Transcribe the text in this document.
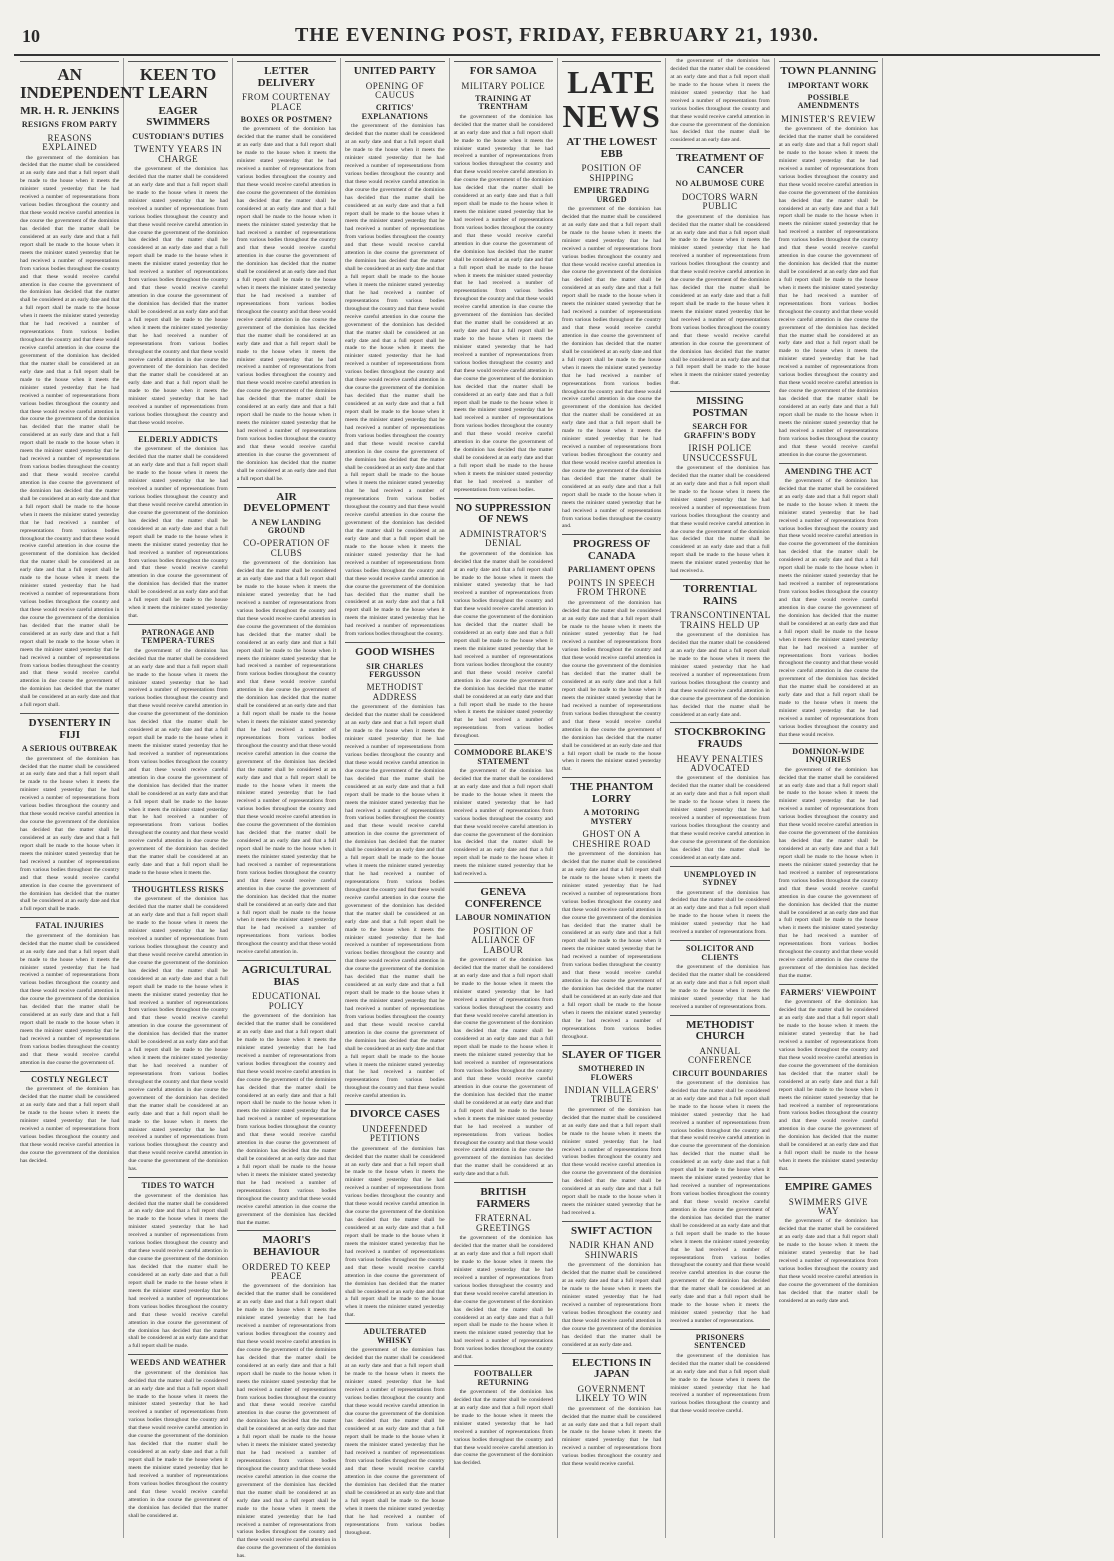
10	THE EVENING POST, FRIDAY, FEBRUARY 21, 1930.
AN INDEPENDENT
MR. H. R. JENKINS
RESIGNS FROM PARTY
REASONS EXPLAINED

the government of the dominion has decided that the matter shall be considered at an early date and that a full report shall be made to the house when it meets the minister stated yesterday that he had received a number of representations from various bodies throughout the country and that these would receive careful attention in due course the government of the dominion has decided that the matter shall be considered at an early date and that a full report shall be made to the house when it meets the minister stated yesterday that he had received a number of representations from various bodies throughout the country and that these would receive careful attention in due course the government of the dominion has decided that the matter shall be considered at an early date and that a full report shall be made to the house when it meets the minister stated yesterday that he had received a number of representations from various bodies throughout the country and that these would receive careful attention in due course the government of the dominion has decided that the matter shall be considered at an early date and that a full report shall be made to the house when it meets the minister stated yesterday that he had received a number of representations from various bodies throughout the country and that these would receive careful attention in due course the government of the dominion has decided that the matter shall be considered at an early date and that a full report shall be made to the house when it meets the minister stated yesterday that he had received a number of representations from various bodies throughout the country and that these would receive careful attention in due course the government of the dominion has decided that the matter shall be considered at an early date and that a full report shall be made to the house when it meets the minister stated yesterday that he had received a number of representations from various bodies throughout the country and that these would receive careful attention in due course the government of the dominion has decided that the matter shall be considered at an early date and that a full report shall be made to the house when it meets the minister stated yesterday that he had received a number of representations from various bodies throughout the country and that these would receive careful attention in due course the government of the dominion has decided that the matter shall be considered at an early date and that a full report shall be made to the house when it meets the minister stated yesterday that he had received a number of representations from various bodies throughout the country and that these would receive careful attention in due course the government of the dominion has decided that the matter shall be considered at an early date and that a full report shall.

DYSENTERY IN FIJI
A SERIOUS OUTBREAK

the government of the dominion has decided that the matter shall be considered at an early date and that a full report shall be made to the house when it meets the minister stated yesterday that he had received a number of representations from various bodies throughout the country and that these would receive careful attention in due course the government of the dominion has decided that the matter shall be considered at an early date and that a full report shall be made to the house when it meets the minister stated yesterday that he had received a number of representations from various bodies throughout the country and that these would receive careful attention in due course the government of the dominion has decided that the matter shall be considered at an early date and that a full report shall be made.

FATAL INJURIES

the government of the dominion has decided that the matter shall be considered at an early date and that a full report shall be made to the house when it meets the minister stated yesterday that he had received a number of representations from various bodies throughout the country and that these would receive careful attention in due course the government of the dominion has decided that the matter shall be considered at an early date and that a full report shall be made to the house when it meets the minister stated yesterday that he had received a number of representations from various bodies throughout the country and that these would receive careful attention in due course the government of.

COSTLY NEGLECT

the government of the dominion has decided that the matter shall be considered at an early date and that a full report shall be made to the house when it meets the minister stated yesterday that he had received a number of representations from various bodies throughout the country and that these would receive careful attention in due course the government of the dominion has decided.

KEEN TO LEARN
EAGER SWIMMERS
CUSTODIAN'S DUTIES
TWENTY YEARS IN CHARGE

the government of the dominion has decided that the matter shall be considered at an early date and that a full report shall be made to the house when it meets the minister stated yesterday that he had received a number of representations from various bodies throughout the country and that these would receive careful attention in due course the government of the dominion has decided that the matter shall be considered at an early date and that a full report shall be made to the house when it meets the minister stated yesterday that he had received a number of representations from various bodies throughout the country and that these would receive careful attention in due course the government of the dominion has decided that the matter shall be considered at an early date and that a full report shall be made to the house when it meets the minister stated yesterday that he had received a number of representations from various bodies throughout the country and that these would receive careful attention in due course the government of the dominion has decided that the matter shall be considered at an early date and that a full report shall be made to the house when it meets the minister stated yesterday that he had received a number of representations from various bodies throughout the country and that these would receive.

ELDERLY ADDICTS

the government of the dominion has decided that the matter shall be considered at an early date and that a full report shall be made to the house when it meets the minister stated yesterday that he had received a number of representations from various bodies throughout the country and that these would receive careful attention in due course the government of the dominion has decided that the matter shall be considered at an early date and that a full report shall be made to the house when it meets the minister stated yesterday that he had received a number of representations from various bodies throughout the country and that these would receive careful attention in due course the government of the dominion has decided that the matter shall be considered at an early date and that a full report shall be made to the house when it meets the minister stated yesterday that.

PATRONAGE AND TEMPERA-TURES

the government of the dominion has decided that the matter shall be considered at an early date and that a full report shall be made to the house when it meets the minister stated yesterday that he had received a number of representations from various bodies throughout the country and that these would receive careful attention in due course the government of the dominion has decided that the matter shall be considered at an early date and that a full report shall be made to the house when it meets the minister stated yesterday that he had received a number of representations from various bodies throughout the country and that these would receive careful attention in due course the government of the dominion has decided that the matter shall be considered at an early date and that a full report shall be made to the house when it meets the minister stated yesterday that he had received a number of representations from various bodies throughout the country and that these would receive careful attention in due course the government of the dominion has decided that the matter shall be considered at an early date and that a full report shall be made to the house when it meets the.

THOUGHTLESS RISKS

the government of the dominion has decided that the matter shall be considered at an early date and that a full report shall be made to the house when it meets the minister stated yesterday that he had received a number of representations from various bodies throughout the country and that these would receive careful attention in due course the government of the dominion has decided that the matter shall be considered at an early date and that a full report shall be made to the house when it meets the minister stated yesterday that he had received a number of representations from various bodies throughout the country and that these would receive careful attention in due course the government of the dominion has decided that the matter shall be considered at an early date and that a full report shall be made to the house when it meets the minister stated yesterday that he had received a number of representations from various bodies throughout the country and that these would receive careful attention in due course the government of the dominion has decided that the matter shall be considered at an early date and that a full report shall be made to the house when it meets the minister stated yesterday that he had received a number of representations from various bodies throughout the country and that these would receive careful attention in due course the government of the dominion has.

TIDES TO WATCH

the government of the dominion has decided that the matter shall be considered at an early date and that a full report shall be made to the house when it meets the minister stated yesterday that he had received a number of representations from various bodies throughout the country and that these would receive careful attention in due course the government of the dominion has decided that the matter shall be considered at an early date and that a full report shall be made to the house when it meets the minister stated yesterday that he had received a number of representations from various bodies throughout the country and that these would receive careful attention in due course the government of the dominion has decided that the matter shall be considered at an early date and that a full report shall be made.

WEEDS AND WEATHER

the government of the dominion has decided that the matter shall be considered at an early date and that a full report shall be made to the house when it meets the minister stated yesterday that he had received a number of representations from various bodies throughout the country and that these would receive careful attention in due course the government of the dominion has decided that the matter shall be considered at an early date and that a full report shall be made to the house when it meets the minister stated yesterday that he had received a number of representations from various bodies throughout the country and that these would receive careful attention in due course the government of the dominion has decided that the matter shall be considered at.

LETTER DELIVERY
FROM COURTENAY PLACE
BOXES OR POSTMEN?

the government of the dominion has decided that the matter shall be considered at an early date and that a full report shall be made to the house when it meets the minister stated yesterday that he had received a number of representations from various bodies throughout the country and that these would receive careful attention in due course the government of the dominion has decided that the matter shall be considered at an early date and that a full report shall be made to the house when it meets the minister stated yesterday that he had received a number of representations from various bodies throughout the country and that these would receive careful attention in due course the government of the dominion has decided that the matter shall be considered at an early date and that a full report shall be made to the house when it meets the minister stated yesterday that he had received a number of representations from various bodies throughout the country and that these would receive careful attention in due course the government of the dominion has decided that the matter shall be considered at an early date and that a full report shall be made to the house when it meets the minister stated yesterday that he had received a number of representations from various bodies throughout the country and that these would receive careful attention in due course the government of the dominion has decided that the matter shall be considered at an early date and that a full report shall be made to the house when it meets the minister stated yesterday that he had received a number of representations from various bodies throughout the country and that these would receive careful attention in due course the government of the dominion has decided that the matter shall be considered at an early date and that a full report shall be.

AIR DEVELOPMENT
A NEW LANDING GROUND
CO-OPERATION OF CLUBS

the government of the dominion has decided that the matter shall be considered at an early date and that a full report shall be made to the house when it meets the minister stated yesterday that he had received a number of representations from various bodies throughout the country and that these would receive careful attention in due course the government of the dominion has decided that the matter shall be considered at an early date and that a full report shall be made to the house when it meets the minister stated yesterday that he had received a number of representations from various bodies throughout the country and that these would receive careful attention in due course the government of the dominion has decided that the matter shall be considered at an early date and that a full report shall be made to the house when it meets the minister stated yesterday that he had received a number of representations from various bodies throughout the country and that these would receive careful attention in due course the government of the dominion has decided that the matter shall be considered at an early date and that a full report shall be made to the house when it meets the minister stated yesterday that he had received a number of representations from various bodies throughout the country and that these would receive careful attention in due course the government of the dominion has decided that the matter shall be considered at an early date and that a full report shall be made to the house when it meets the minister stated yesterday that he had received a number of representations from various bodies throughout the country and that these would receive careful attention in due course the government of the dominion has decided that the matter shall be considered at an early date and that a full report shall be made to the house when it meets the minister stated yesterday that he had received a number of representations from various bodies throughout the country and that these would receive careful attention in.

AGRICULTURAL BIAS
EDUCATIONAL POLICY

the government of the dominion has decided that the matter shall be considered at an early date and that a full report shall be made to the house when it meets the minister stated yesterday that he had received a number of representations from various bodies throughout the country and that these would receive careful attention in due course the government of the dominion has decided that the matter shall be considered at an early date and that a full report shall be made to the house when it meets the minister stated yesterday that he had received a number of representations from various bodies throughout the country and that these would receive careful attention in due course the government of the dominion has decided that the matter shall be considered at an early date and that a full report shall be made to the house when it meets the minister stated yesterday that he had received a number of representations from various bodies throughout the country and that these would receive careful attention in due course the government of the dominion has decided that the matter.

MAORI'S BEHAVIOUR
ORDERED TO KEEP PEACE

the government of the dominion has decided that the matter shall be considered at an early date and that a full report shall be made to the house when it meets the minister stated yesterday that he had received a number of representations from various bodies throughout the country and that these would receive careful attention in due course the government of the dominion has decided that the matter shall be considered at an early date and that a full report shall be made to the house when it meets the minister stated yesterday that he had received a number of representations from various bodies throughout the country and that these would receive careful attention in due course the government of the dominion has decided that the matter shall be considered at an early date and that a full report shall be made to the house when it meets the minister stated yesterday that he had received a number of representations from various bodies throughout the country and that these would receive careful attention in due course the government of the dominion has decided that the matter shall be considered at an early date and that a full report shall be made to the house when it meets the minister stated yesterday that he had received a number of representations from various bodies throughout the country and that these would receive careful attention in due course the government of the dominion has.

UNITED PARTY
OPENING OF CAUCUS
CRITICS' EXPLANATIONS

the government of the dominion has decided that the matter shall be considered at an early date and that a full report shall be made to the house when it meets the minister stated yesterday that he had received a number of representations from various bodies throughout the country and that these would receive careful attention in due course the government of the dominion has decided that the matter shall be considered at an early date and that a full report shall be made to the house when it meets the minister stated yesterday that he had received a number of representations from various bodies throughout the country and that these would receive careful attention in due course the government of the dominion has decided that the matter shall be considered at an early date and that a full report shall be made to the house when it meets the minister stated yesterday that he had received a number of representations from various bodies throughout the country and that these would receive careful attention in due course the government of the dominion has decided that the matter shall be considered at an early date and that a full report shall be made to the house when it meets the minister stated yesterday that he had received a number of representations from various bodies throughout the country and that these would receive careful attention in due course the government of the dominion has decided that the matter shall be considered at an early date and that a full report shall be made to the house when it meets the minister stated yesterday that he had received a number of representations from various bodies throughout the country and that these would receive careful attention in due course the government of the dominion has decided that the matter shall be considered at an early date and that a full report shall be made to the house when it meets the minister stated yesterday that he had received a number of representations from various bodies throughout the country and that these would receive careful attention in due course the government of the dominion has decided that the matter shall be considered at an early date and that a full report shall be made to the house when it meets the minister stated yesterday that he had received a number of representations from various bodies throughout the country and that these would receive careful attention in due course the government of the dominion has decided that the matter shall be considered at an early date and that a full report shall be made to the house when it meets the minister stated yesterday that he had received a number of representations from various bodies throughout the country.

GOOD WISHES
SIR CHARLES FERGUSSON
METHODIST ADDRESS

the government of the dominion has decided that the matter shall be considered at an early date and that a full report shall be made to the house when it meets the minister stated yesterday that he had received a number of representations from various bodies throughout the country and that these would receive careful attention in due course the government of the dominion has decided that the matter shall be considered at an early date and that a full report shall be made to the house when it meets the minister stated yesterday that he had received a number of representations from various bodies throughout the country and that these would receive careful attention in due course the government of the dominion has decided that the matter shall be considered at an early date and that a full report shall be made to the house when it meets the minister stated yesterday that he had received a number of representations from various bodies throughout the country and that these would receive careful attention in due course the government of the dominion has decided that the matter shall be considered at an early date and that a full report shall be made to the house when it meets the minister stated yesterday that he had received a number of representations from various bodies throughout the country and that these would receive careful attention in due course the government of the dominion has decided that the matter shall be considered at an early date and that a full report shall be made to the house when it meets the minister stated yesterday that he had received a number of representations from various bodies throughout the country and that these would receive careful attention in due course the government of the dominion has decided that the matter shall be considered at an early date and that a full report shall be made to the house when it meets the minister stated yesterday that he had received a number of representations from various bodies throughout the country and that these would receive careful attention in.

DIVORCE CASES
UNDEFENDED PETITIONS

the government of the dominion has decided that the matter shall be considered at an early date and that a full report shall be made to the house when it meets the minister stated yesterday that he had received a number of representations from various bodies throughout the country and that these would receive careful attention in due course the government of the dominion has decided that the matter shall be considered at an early date and that a full report shall be made to the house when it meets the minister stated yesterday that he had received a number of representations from various bodies throughout the country and that these would receive careful attention in due course the government of the dominion has decided that the matter shall be considered at an early date and that a full report shall be made to the house when it meets the minister stated yesterday that.

ADULTERATED WHISKY

the government of the dominion has decided that the matter shall be considered at an early date and that a full report shall be made to the house when it meets the minister stated yesterday that he had received a number of representations from various bodies throughout the country and that these would receive careful attention in due course the government of the dominion has decided that the matter shall be considered at an early date and that a full report shall be made to the house when it meets the minister stated yesterday that he had received a number of representations from various bodies throughout the country and that these would receive careful attention in due course the government of the dominion has decided that the matter shall be considered at an early date and that a full report shall be made to the house when it meets the minister stated yesterday that he had received a number of representations from various bodies throughout.

FOR SAMOA
MILITARY POLICE
TRAINING AT TRENTHAM

the government of the dominion has decided that the matter shall be considered at an early date and that a full report shall be made to the house when it meets the minister stated yesterday that he had received a number of representations from various bodies throughout the country and that these would receive careful attention in due course the government of the dominion has decided that the matter shall be considered at an early date and that a full report shall be made to the house when it meets the minister stated yesterday that he had received a number of representations from various bodies throughout the country and that these would receive careful attention in due course the government of the dominion has decided that the matter shall be considered at an early date and that a full report shall be made to the house when it meets the minister stated yesterday that he had received a number of representations from various bodies throughout the country and that these would receive careful attention in due course the government of the dominion has decided that the matter shall be considered at an early date and that a full report shall be made to the house when it meets the minister stated yesterday that he had received a number of representations from various bodies throughout the country and that these would receive careful attention in due course the government of the dominion has decided that the matter shall be considered at an early date and that a full report shall be made to the house when it meets the minister stated yesterday that he had received a number of representations from various bodies throughout the country and that these would receive careful attention in due course the government of the dominion has decided that the matter shall be considered at an early date and that a full report shall be made to the house when it meets the minister stated yesterday that he had received a number of representations from various bodies.

NO SUPPRESSION OF NEWS
ADMINISTRATOR'S DENIAL

the government of the dominion has decided that the matter shall be considered at an early date and that a full report shall be made to the house when it meets the minister stated yesterday that he had received a number of representations from various bodies throughout the country and that these would receive careful attention in due course the government of the dominion has decided that the matter shall be considered at an early date and that a full report shall be made to the house when it meets the minister stated yesterday that he had received a number of representations from various bodies throughout the country and that these would receive careful attention in due course the government of the dominion has decided that the matter shall be considered at an early date and that a full report shall be made to the house when it meets the minister stated yesterday that he had received a number of representations from various bodies throughout.

COMMODORE BLAKE'S STATEMENT

the government of the dominion has decided that the matter shall be considered at an early date and that a full report shall be made to the house when it meets the minister stated yesterday that he had received a number of representations from various bodies throughout the country and that these would receive careful attention in due course the government of the dominion has decided that the matter shall be considered at an early date and that a full report shall be made to the house when it meets the minister stated yesterday that he had received a.

GENEVA CONFERENCE
LABOUR NOMINATION
POSITION OF ALLIANCE OF LABOUR

the government of the dominion has decided that the matter shall be considered at an early date and that a full report shall be made to the house when it meets the minister stated yesterday that he had received a number of representations from various bodies throughout the country and that these would receive careful attention in due course the government of the dominion has decided that the matter shall be considered at an early date and that a full report shall be made to the house when it meets the minister stated yesterday that he had received a number of representations from various bodies throughout the country and that these would receive careful attention in due course the government of the dominion has decided that the matter shall be considered at an early date and that a full report shall be made to the house when it meets the minister stated yesterday that he had received a number of representations from various bodies throughout the country and that these would receive careful attention in due course the government of the dominion has decided that the matter shall be considered at an early date and that a full.

BRITISH FARMERS
FRATERNAL GREETINGS

the government of the dominion has decided that the matter shall be considered at an early date and that a full report shall be made to the house when it meets the minister stated yesterday that he had received a number of representations from various bodies throughout the country and that these would receive careful attention in due course the government of the dominion has decided that the matter shall be considered at an early date and that a full report shall be made to the house when it meets the minister stated yesterday that he had received a number of representations from various bodies throughout the country and that.

FOOTBALLER RETURNING

the government of the dominion has decided that the matter shall be considered at an early date and that a full report shall be made to the house when it meets the minister stated yesterday that he had received a number of representations from various bodies throughout the country and that these would receive careful attention in due course the government of the dominion has decided.

LATE NEWS
AT THE LOWEST EBB
POSITION OF SHIPPING
EMPIRE TRADING URGED

the government of the dominion has decided that the matter shall be considered at an early date and that a full report shall be made to the house when it meets the minister stated yesterday that he had received a number of representations from various bodies throughout the country and that these would receive careful attention in due course the government of the dominion has decided that the matter shall be considered at an early date and that a full report shall be made to the house when it meets the minister stated yesterday that he had received a number of representations from various bodies throughout the country and that these would receive careful attention in due course the government of the dominion has decided that the matter shall be considered at an early date and that a full report shall be made to the house when it meets the minister stated yesterday that he had received a number of representations from various bodies throughout the country and that these would receive careful attention in due course the government of the dominion has decided that the matter shall be considered at an early date and that a full report shall be made to the house when it meets the minister stated yesterday that he had received a number of representations from various bodies throughout the country and that these would receive careful attention in due course the government of the dominion has decided that the matter shall be considered at an early date and that a full report shall be made to the house when it meets the minister stated yesterday that he had received a number of representations from various bodies throughout the country and.

PROGRESS OF CANADA
PARLIAMENT OPENS
POINTS IN SPEECH FROM THRONE

the government of the dominion has decided that the matter shall be considered at an early date and that a full report shall be made to the house when it meets the minister stated yesterday that he had received a number of representations from various bodies throughout the country and that these would receive careful attention in due course the government of the dominion has decided that the matter shall be considered at an early date and that a full report shall be made to the house when it meets the minister stated yesterday that he had received a number of representations from various bodies throughout the country and that these would receive careful attention in due course the government of the dominion has decided that the matter shall be considered at an early date and that a full report shall be made to the house when it meets the minister stated yesterday that.

THE PHANTOM LORRY
A MOTORING MYSTERY
GHOST ON A CHESHIRE ROAD

the government of the dominion has decided that the matter shall be considered at an early date and that a full report shall be made to the house when it meets the minister stated yesterday that he had received a number of representations from various bodies throughout the country and that these would receive careful attention in due course the government of the dominion has decided that the matter shall be considered at an early date and that a full report shall be made to the house when it meets the minister stated yesterday that he had received a number of representations from various bodies throughout the country and that these would receive careful attention in due course the government of the dominion has decided that the matter shall be considered at an early date and that a full report shall be made to the house when it meets the minister stated yesterday that he had received a number of representations from various bodies throughout.

SLAYER OF TIGER
SMOTHERED IN FLOWERS
INDIAN VILLAGERS' TRIBUTE

the government of the dominion has decided that the matter shall be considered at an early date and that a full report shall be made to the house when it meets the minister stated yesterday that he had received a number of representations from various bodies throughout the country and that these would receive careful attention in due course the government of the dominion has decided that the matter shall be considered at an early date and that a full report shall be made to the house when it meets the minister stated yesterday that he had received a.

SWIFT ACTION
NADIR KHAN AND SHINWARIS

the government of the dominion has decided that the matter shall be considered at an early date and that a full report shall be made to the house when it meets the minister stated yesterday that he had received a number of representations from various bodies throughout the country and that these would receive careful attention in due course the government of the dominion has decided that the matter shall be considered at an early date and.

ELECTIONS IN JAPAN
GOVERNMENT LIKELY TO WIN

the government of the dominion has decided that the matter shall be considered at an early date and that a full report shall be made to the house when it meets the minister stated yesterday that he had received a number of representations from various bodies throughout the country and that these would receive careful.

the government of the dominion has decided that the matter shall be considered at an early date and that a full report shall be made to the house when it meets the minister stated yesterday that he had received a number of representations from various bodies throughout the country and that these would receive careful attention in due course the government of the dominion has decided that the matter shall be considered at an early date and.

TREATMENT OF CANCER
NO ALBUMOSE CURE
DOCTORS WARN PUBLIC

the government of the dominion has decided that the matter shall be considered at an early date and that a full report shall be made to the house when it meets the minister stated yesterday that he had received a number of representations from various bodies throughout the country and that these would receive careful attention in due course the government of the dominion has decided that the matter shall be considered at an early date and that a full report shall be made to the house when it meets the minister stated yesterday that he had received a number of representations from various bodies throughout the country and that these would receive careful attention in due course the government of the dominion has decided that the matter shall be considered at an early date and that a full report shall be made to the house when it meets the minister stated yesterday that.

MISSING POSTMAN
SEARCH FOR GRAFFIN'S BODY
IRISH POLICE UNSUCCESSFUL

the government of the dominion has decided that the matter shall be considered at an early date and that a full report shall be made to the house when it meets the minister stated yesterday that he had received a number of representations from various bodies throughout the country and that these would receive careful attention in due course the government of the dominion has decided that the matter shall be considered at an early date and that a full report shall be made to the house when it meets the minister stated yesterday that he had received a.

TORRENTIAL RAINS
TRANSCONTINENTAL TRAINS HELD UP

the government of the dominion has decided that the matter shall be considered at an early date and that a full report shall be made to the house when it meets the minister stated yesterday that he had received a number of representations from various bodies throughout the country and that these would receive careful attention in due course the government of the dominion has decided that the matter shall be considered at an early date and.

STOCKBROKING FRAUDS
HEAVY PENALTIES ADVOCATED

the government of the dominion has decided that the matter shall be considered at an early date and that a full report shall be made to the house when it meets the minister stated yesterday that he had received a number of representations from various bodies throughout the country and that these would receive careful attention in due course the government of the dominion has decided that the matter shall be considered at an early date and.

UNEMPLOYED IN SYDNEY

the government of the dominion has decided that the matter shall be considered at an early date and that a full report shall be made to the house when it meets the minister stated yesterday that he had received a number of representations from.

SOLICITOR AND CLIENTS

the government of the dominion has decided that the matter shall be considered at an early date and that a full report shall be made to the house when it meets the minister stated yesterday that he had received a number of representations from.

METHODIST CHURCH
ANNUAL CONFERENCE
CIRCUIT BOUNDARIES

the government of the dominion has decided that the matter shall be considered at an early date and that a full report shall be made to the house when it meets the minister stated yesterday that he had received a number of representations from various bodies throughout the country and that these would receive careful attention in due course the government of the dominion has decided that the matter shall be considered at an early date and that a full report shall be made to the house when it meets the minister stated yesterday that he had received a number of representations from various bodies throughout the country and that these would receive careful attention in due course the government of the dominion has decided that the matter shall be considered at an early date and that a full report shall be made to the house when it meets the minister stated yesterday that he had received a number of representations from various bodies throughout the country and that these would receive careful attention in due course the government of the dominion has decided that the matter shall be considered at an early date and that a full report shall be made to the house when it meets the minister stated yesterday that he had received a number of representations.

PRISONERS SENTENCED

the government of the dominion has decided that the matter shall be considered at an early date and that a full report shall be made to the house when it meets the minister stated yesterday that he had received a number of representations from various bodies throughout the country and that these would receive careful.

TOWN PLANNING
IMPORTANT WORK
POSSIBLE AMENDMENTS
MINISTER'S REVIEW

the government of the dominion has decided that the matter shall be considered at an early date and that a full report shall be made to the house when it meets the minister stated yesterday that he had received a number of representations from various bodies throughout the country and that these would receive careful attention in due course the government of the dominion has decided that the matter shall be considered at an early date and that a full report shall be made to the house when it meets the minister stated yesterday that he had received a number of representations from various bodies throughout the country and that these would receive careful attention in due course the government of the dominion has decided that the matter shall be considered at an early date and that a full report shall be made to the house when it meets the minister stated yesterday that he had received a number of representations from various bodies throughout the country and that these would receive careful attention in due course the government of the dominion has decided that the matter shall be considered at an early date and that a full report shall be made to the house when it meets the minister stated yesterday that he had received a number of representations from various bodies throughout the country and that these would receive careful attention in due course the government of the dominion has decided that the matter shall be considered at an early date and that a full report shall be made to the house when it meets the minister stated yesterday that he had received a number of representations from various bodies throughout the country and that these would receive careful attention in due course the government.

AMENDING THE ACT

the government of the dominion has decided that the matter shall be considered at an early date and that a full report shall be made to the house when it meets the minister stated yesterday that he had received a number of representations from various bodies throughout the country and that these would receive careful attention in due course the government of the dominion has decided that the matter shall be considered at an early date and that a full report shall be made to the house when it meets the minister stated yesterday that he had received a number of representations from various bodies throughout the country and that these would receive careful attention in due course the government of the dominion has decided that the matter shall be considered at an early date and that a full report shall be made to the house when it meets the minister stated yesterday that he had received a number of representations from various bodies throughout the country and that these would receive careful attention in due course the government of the dominion has decided that the matter shall be considered at an early date and that a full report shall be made to the house when it meets the minister stated yesterday that he had received a number of representations from various bodies throughout the country and that these would receive.

DOMINION-WIDE INQUIRIES

the government of the dominion has decided that the matter shall be considered at an early date and that a full report shall be made to the house when it meets the minister stated yesterday that he had received a number of representations from various bodies throughout the country and that these would receive careful attention in due course the government of the dominion has decided that the matter shall be considered at an early date and that a full report shall be made to the house when it meets the minister stated yesterday that he had received a number of representations from various bodies throughout the country and that these would receive careful attention in due course the government of the dominion has decided that the matter shall be considered at an early date and that a full report shall be made to the house when it meets the minister stated yesterday that he had received a number of representations from various bodies throughout the country and that these would receive careful attention in due course the government of the dominion has decided that the matter.

FARMERS' VIEWPOINT

the government of the dominion has decided that the matter shall be considered at an early date and that a full report shall be made to the house when it meets the minister stated yesterday that he had received a number of representations from various bodies throughout the country and that these would receive careful attention in due course the government of the dominion has decided that the matter shall be considered at an early date and that a full report shall be made to the house when it meets the minister stated yesterday that he had received a number of representations from various bodies throughout the country and that these would receive careful attention in due course the government of the dominion has decided that the matter shall be considered at an early date and that a full report shall be made to the house when it meets the minister stated yesterday that.

EMPIRE GAMES
SWIMMERS GIVE WAY

the government of the dominion has decided that the matter shall be considered at an early date and that a full report shall be made to the house when it meets the minister stated yesterday that he had received a number of representations from various bodies throughout the country and that these would receive careful attention in due course the government of the dominion has decided that the matter shall be considered at an early date and.
